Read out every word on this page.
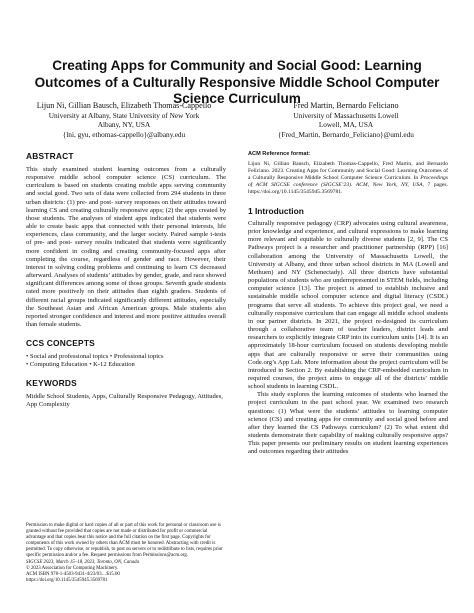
Creating Apps for Community and Social Good: Learning Outcomes of a Culturally Responsive Middle School Computer Science Curriculum
Lijun Ni, Gillian Bausch, Elizabeth Thomas-Cappello
University at Albany, State University of New York
Albany, NY, USA
{lni, gyu, ethomas-cappello}@albany.edu
Fred Martin, Bernardo Feliciano
University of Massachusetts Lowell
Lowell, MA, USA
{Fred_Martin, Bernardo_Feliciano}@uml.edu
ABSTRACT

This study examined student learning outcomes from a culturally responsive middle school computer science (CS) curriculum. The curriculum is based on students creating mobile apps serving community and social good. Two sets of data were collected from 294 students in three urban districts: (1) pre- and post- survey responses on their attitudes toward learning CS and creating culturally responsive apps; (2) the apps created by those students. The analyses of student apps indicated that students were able to create basic apps that connected with their personal interests, life experiences, class community, and the larger society. Paired sample t-tests of pre- and post- survey results indicated that students were significantly more confident in coding and creating community-focused apps after completing the course, regardless of gender and race. However, their interest in solving coding problems and continuing to learn CS decreased afterward. Analyses of students’ attitudes by gender, grade, and race showed significant differences among some of those groups. Seventh grade students rated more positively on their attitudes than eighth graders. Students of different racial groups indicated significantly different attitudes, especially the Southeast Asian and African American groups. Male students also reported stronger confidence and interest and more positive attitudes overall than female students.

CCS CONCEPTS

• Social and professional topics • Professional topics
• Computing Education • K-12 Education

KEYWORDS

Middle School Students, Apps, Culturally Responsive Pedagogy, Attitudes, App Complexity

Permission to make digital or hard copies of all or part of this work for personal or classroom use is granted without fee provided that copies are not made or distributed for profit or commercial advantage and that copies bear this notice and the full citation on the first page. Copyrights for components of this work owned by others than ACM must be honored. Abstracting with credit is permitted. To copy otherwise, or republish, to post on servers or to redistribute to lists, requires prior specific permission and/or a fee. Request permissions from Permissions@acm.org.
SIGCSE 2023, March 15–18, 2023, Toronto, ON, Canada
© 2023 Association for Computing Machinery.
ACM ISBN 978-1-4503-9431-4/23/03…$15.00
https://doi.org/10.1145/3545945.3569781

ACM Reference format:

Lijun Ni, Gillian Bausch, Elizabeth Thomas-Cappello, Fred Martin, and Bernardo Feliciano. 2023. Creating Apps for Community and Social Good: Learning Outcomes of a Culturally Responsive Middle School Computer Science Curriculum. In Proceedings of ACM SIGCSE conference (SIGCSE’23). ACM, New York, NY, USA, 7 pages. https://doi.org/10.1145/3545945.3569781.

1 Introduction

Culturally responsive pedagogy (CRP) advocates using cultural awareness, prior knowledge and experience, and cultural expressions to make learning more relevant and equitable to culturally diverse students [2, 9]. The CS Pathways project is a researcher and practitioner partnership (RPP) [16] collaboration among the University of Massachusetts Lowell, the University at Albany, and three urban school districts in MA (Lowell and Methuen) and NY (Schenectady). All three districts have substantial populations of students who are underrepresented in STEM fields, including computer science [13]. The project is aimed to establish inclusive and sustainable middle school computer science and digital literacy (CSDL) programs that serve all students. To achieve this project goal, we need a culturally responsive curriculum that can engage all middle school students in our partner districts. In 2021, the project re-designed its curriculum through a collaborative team of teacher leaders, district leads and researchers to explicitly integrate CRP into its curriculum units [14]. It is an approximately 18-hour curriculum focused on students developing mobile apps that are culturally responsive or serve their communities using Code.org’s App Lab. More information about the project curriculum will be introduced in Section 2. By establishing the CRP-embedded curriculum in required courses, the project aims to engage all of the districts’ middle school students in learning CSDL.

This study explores the learning outcomes of students who learned the project curriculum in the past school year. We examined two research questions: (1) What were the students’ attitudes to learning computer science (CS) and creating apps for community and social good before and after they learned the CS Pathways curriculum? (2) To what extent did students demonstrate their capability of making culturally responsive apps? This paper presents our preliminary results on student learning experiences and outcomes regarding their attitudes
